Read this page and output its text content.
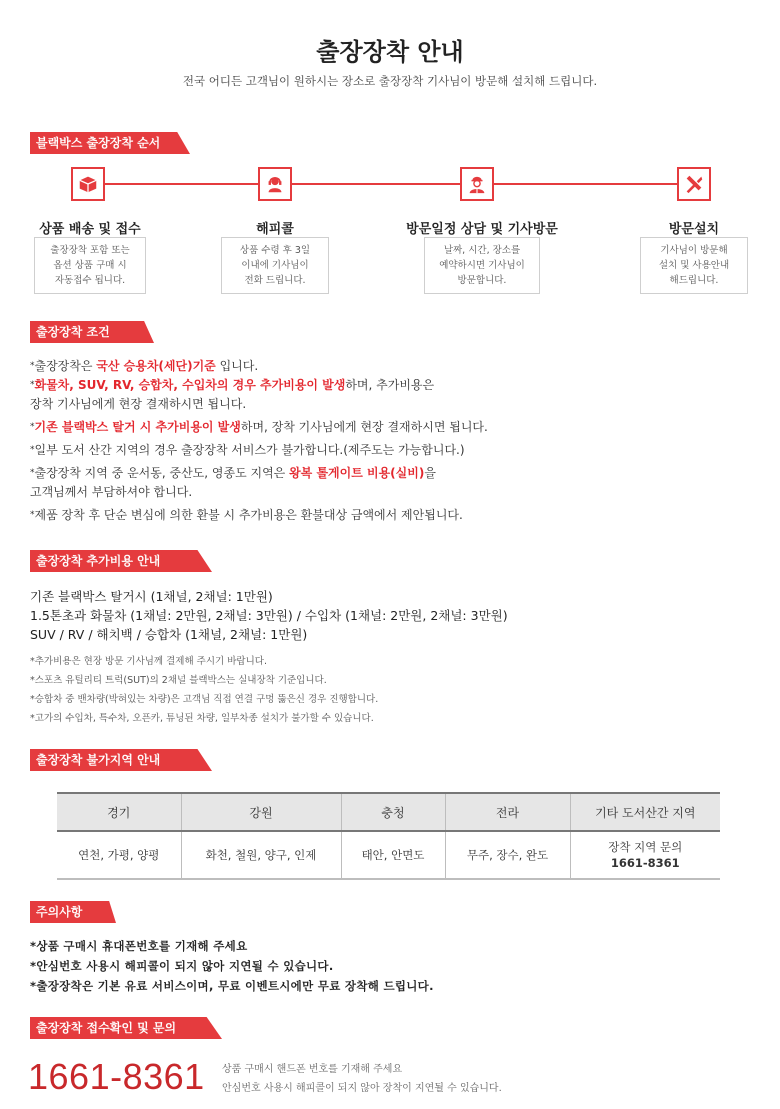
출장장착 안내
전국 어디든 고객님이 원하시는 장소로 출장장착 기사님이 방문해 설치해 드립니다.
블랙박스 출장장착 순서
상품 배송 및 접수	해피콜	방문일정 상담 및 기사방문	방문설치
출장장착 포함 또는
옵션 상품 구매 시
자동접수 됩니다.
상품 수령 후 3일
이내에 기사님이
전화 드립니다.
날짜, 시간, 장소를
예약하시면 기사님이
방문합니다.
기사님이 방문해
설치 및 사용안내
해드립니다.
출장장착 조건
*출장장착은 국산 승용차(세단)기준 입니다.
*화물차, SUV, RV, 승합차, 수입차의 경우 추가비용이 발생하며, 추가비용은
장착 기사님에게 현장 결재하시면 됩니다.
*기존 블랙박스 탈거 시 추가비용이 발생하며, 장착 기사님에게 현장 결재하시면 됩니다.
*일부 도서 산간 지역의 경우 출장장착 서비스가 불가합니다.(제주도는 가능합니다.)
*출장장착 지역 중 운서동, 중산도, 영종도 지역은 왕복 톨게이트 비용(실비)을
고객님께서 부담하셔야 합니다.
*제품 장착 후 단순 변심에 의한 환불 시 추가비용은 환불대상 금액에서 제안됩니다.
출장장착 추가비용 안내
기존 블랙박스 탈거시 (1채널, 2채널: 1만원)
1.5톤초과 화물차 (1채널: 2만원, 2채널: 3만원) / 수입차 (1채널: 2만원, 2채널: 3만원)
SUV / RV / 해치백 / 승합차 (1채널, 2채널: 1만원)
*추가비용은 현장 방문 기사님께 결제해 주시기 바랍니다.
*스포츠 유틸리티 트럭(SUT)의 2채널 블랙박스는 실내장착 기준입니다.
*승합차 중 밴차량(박혀있는 차량)은 고객님 직접 연결 구멍 뚫은신 경우 진행합니다.
*고가의 수입차, 특수차, 오픈카, 튜닝된 차량, 일부차종 설치가 불가할 수 있습니다.
출장장착 불가지역 안내
경기	강원	충청	전라	기타 도서산간 지역
연천, 가평, 양평	화천, 철원, 양구, 인제	태안, 안면도	무주, 장수, 완도	장착 지역 문의
1661-8361
주의사항
*상품 구매시 휴대폰번호를 기재해 주세요
*안심번호 사용시 해피콜이 되지 않아 지연될 수 있습니다.
*출장장착은 기본 유료 서비스이며, 무료 이벤트시에만 무료 장착해 드립니다.
출장장착 접수확인 및 문의
1661-8361 상품 구매시 핸드폰 번호를 기재해 주세요
안심번호 사용시 해피콜이 되지 않아 장착이 지연될 수 있습니다.
